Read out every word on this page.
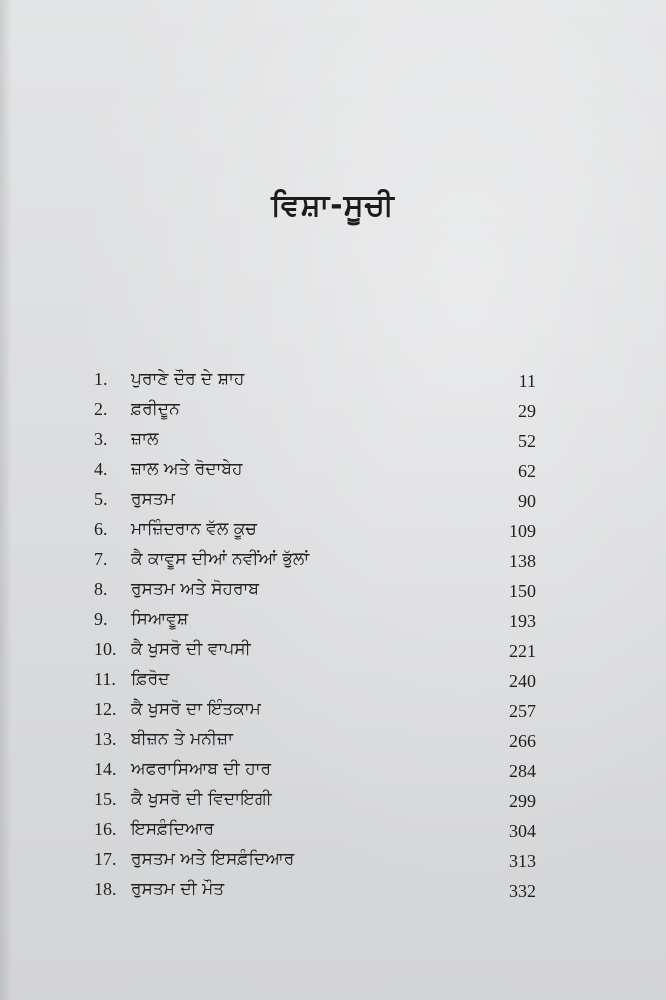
ਵਿਸ਼ਾ-ਸੂਚੀ
1. ਪੁਰਾਣੇ ਦੌਰ ਦੇ ਸ਼ਾਹ	11
2. ਫ਼ਰੀਦੂਨ	29
3. ਜ਼ਾਲ	52
4. ਜ਼ਾਲ ਅਤੇ ਰੋਦਾਬੇਹ	62
5. ਰੁਸਤਮ	90
6. ਮਾਜ਼ਿੰਦਰਾਨ ਵੱਲ ਕੂਚ	109
7. ਕੈ ਕਾਵੂਸ ਦੀਆਂ ਨਵੀਂਆਂ ਭੁੱਲਾਂ	138
8. ਰੁਸਤਮ ਅਤੇ ਸੋਹਰਾਬ	150
9. ਸਿਆਵੂਸ਼	193
10. ਕੈ ਖੁਸਰੋ ਦੀ ਵਾਪਸੀ	221
11. ਫ਼ਿਰੋਦ	240
12. ਕੈ ਖੁਸਰੋ ਦਾ ਇੰਤਕਾਮ	257
13. ਬੀਜ਼ਨ ਤੇ ਮਨੀਜ਼ਾ	266
14. ਅਫਰਾਸਿਆਬ ਦੀ ਹਾਰ	284
15. ਕੈ ਖੁਸਰੋ ਦੀ ਵਿਦਾਇਗੀ	299
16. ਇਸਫ਼ੰਦਿਆਰ	304
17. ਰੁਸਤਮ ਅਤੇ ਇਸਫ਼ੰਦਿਆਰ	313
18. ਰੁਸਤਮ ਦੀ ਮੌਤ	332
